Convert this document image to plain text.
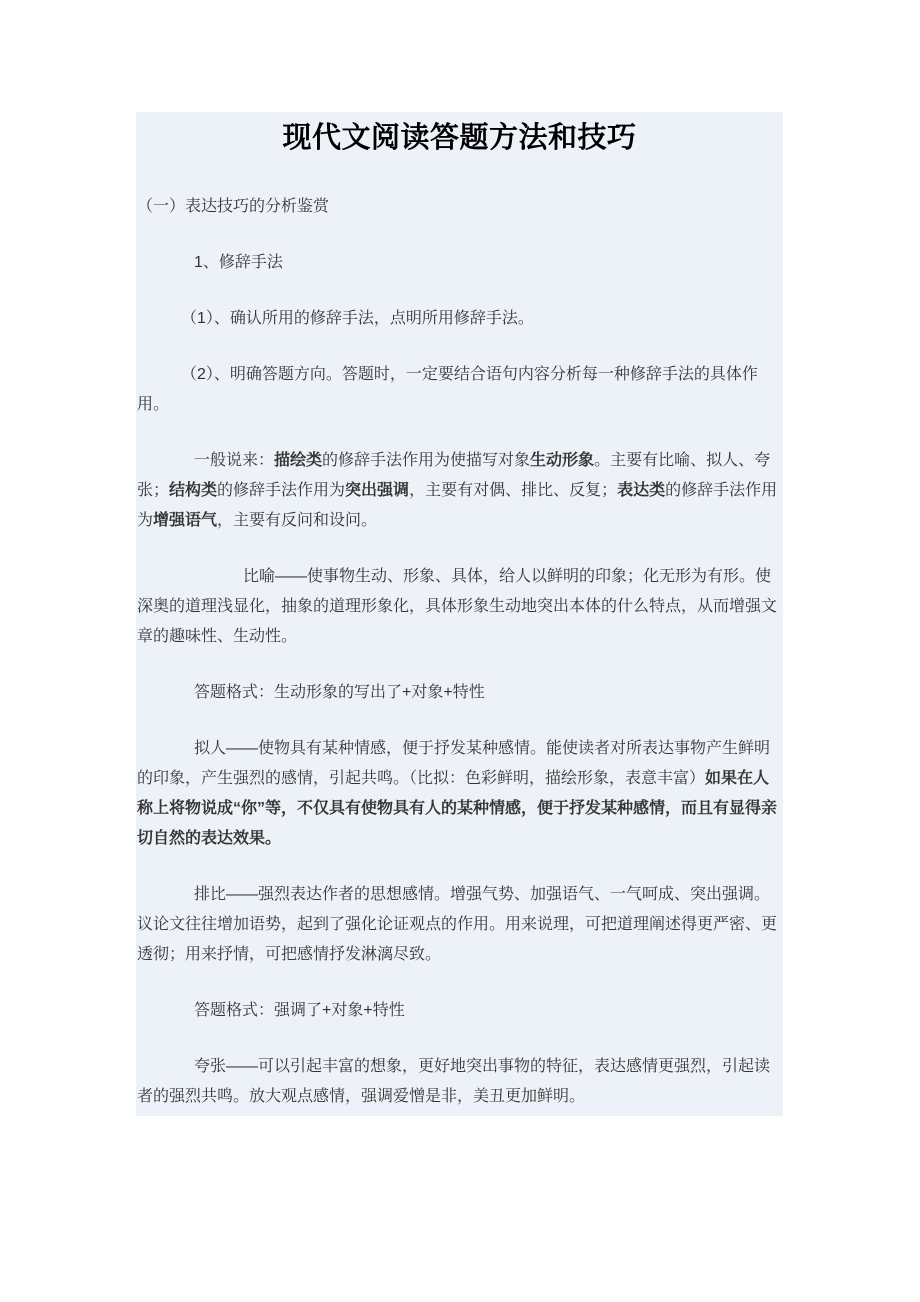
现代文阅读答题方法和技巧

（一）表达技巧的分析鉴赏

1、修辞手法

（1）、确认所用的修辞手法，点明所用修辞手法。

（2）、明确答题方向。答题时，一定要结合语句内容分析每一种修辞手法的具体作用。

一般说来：描绘类的修辞手法作用为使描写对象生动形象。主要有比喻、拟人、夸张；结构类的修辞手法作用为突出强调，主要有对偶、排比、反复；表达类的修辞手法作用为增强语气，主要有反问和设问。

比喻——使事物生动、形象、具体，给人以鲜明的印象；化无形为有形。使深奥的道理浅显化，抽象的道理形象化，具体形象生动地突出本体的什么特点，从而增强文章的趣味性、生动性。

答题格式：生动形象的写出了+对象+特性

拟人——使物具有某种情感，便于抒发某种感情。能使读者对所表达事物产生鲜明的印象，产生强烈的感情，引起共鸣。（比拟：色彩鲜明，描绘形象，表意丰富）如果在人称上将物说成“你”等，不仅具有使物具有人的某种情感，便于抒发某种感情，而且有显得亲切自然的表达效果。

排比——强烈表达作者的思想感情。增强气势、加强语气、一气呵成、突出强调。议论文往往增加语势，起到了强化论证观点的作用。用来说理，可把道理阐述得更严密、更透彻；用来抒情，可把感情抒发淋漓尽致。

答题格式：强调了+对象+特性

夸张——可以引起丰富的想象，更好地突出事物的特征，表达感情更强烈，引起读者的强烈共鸣。放大观点感情，强调爱憎是非，美丑更加鲜明。
